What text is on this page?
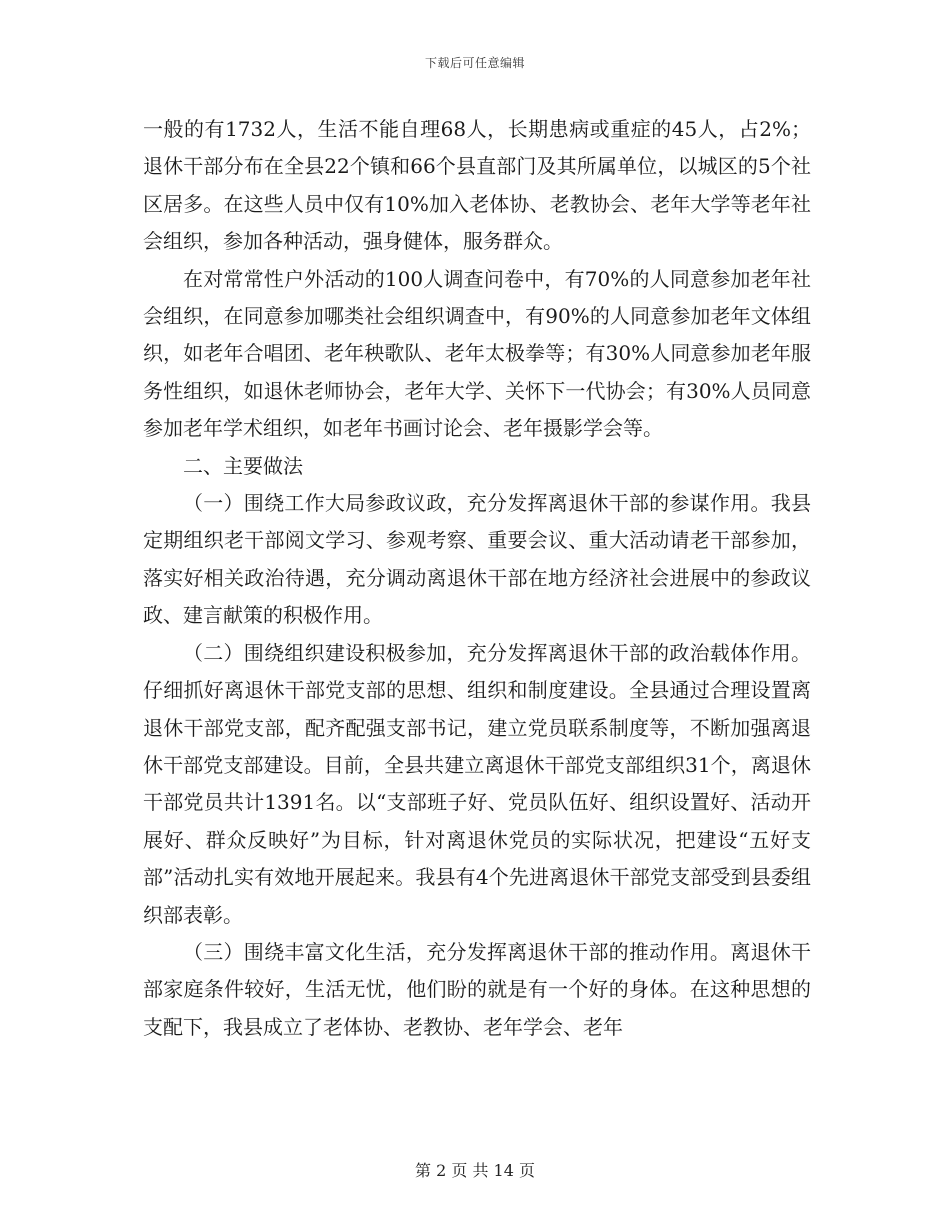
下载后可任意编辑

一般的有1732人，生活不能自理68人，长期患病或重症的45人，占2%；退休干部分布在全县22个镇和66个县直部门及其所属单位，以城区的5个社区居多。在这些人员中仅有10%加入老体协、老教协会、老年大学等老年社会组织，参加各种活动，强身健体，服务群众。

在对常常性户外活动的100人调查问卷中，有70%的人同意参加老年社会组织，在同意参加哪类社会组织调查中，有90%的人同意参加老年文体组织，如老年合唱团、老年秧歌队、老年太极拳等；有30%人同意参加老年服务性组织，如退休老师协会，老年大学、关怀下一代协会；有30%人员同意参加老年学术组织，如老年书画讨论会、老年摄影学会等。

二、主要做法

（一）围绕工作大局参政议政，充分发挥离退休干部的参谋作用。我县定期组织老干部阅文学习、参观考察、重要会议、重大活动请老干部参加，落实好相关政治待遇，充分调动离退休干部在地方经济社会进展中的参政议政、建言献策的积极作用。

（二）围绕组织建设积极参加，充分发挥离退休干部的政治载体作用。仔细抓好离退休干部党支部的思想、组织和制度建设。全县通过合理设置离退休干部党支部，配齐配强支部书记，建立党员联系制度等，不断加强离退休干部党支部建设。目前，全县共建立离退休干部党支部组织31个，离退休干部党员共计1391名。以“支部班子好、党员队伍好、组织设置好、活动开展好、群众反映好”为目标，针对离退休党员的实际状况，把建设“五好支部”活动扎实有效地开展起来。我县有4个先进离退休干部党支部受到县委组织部表彰。

（三）围绕丰富文化生活，充分发挥离退休干部的推动作用。离退休干部家庭条件较好，生活无忧，他们盼的就是有一个好的身体。在这种思想的支配下，我县成立了老体协、老教协、老年学会、老年

第 2 页 共 14 页
